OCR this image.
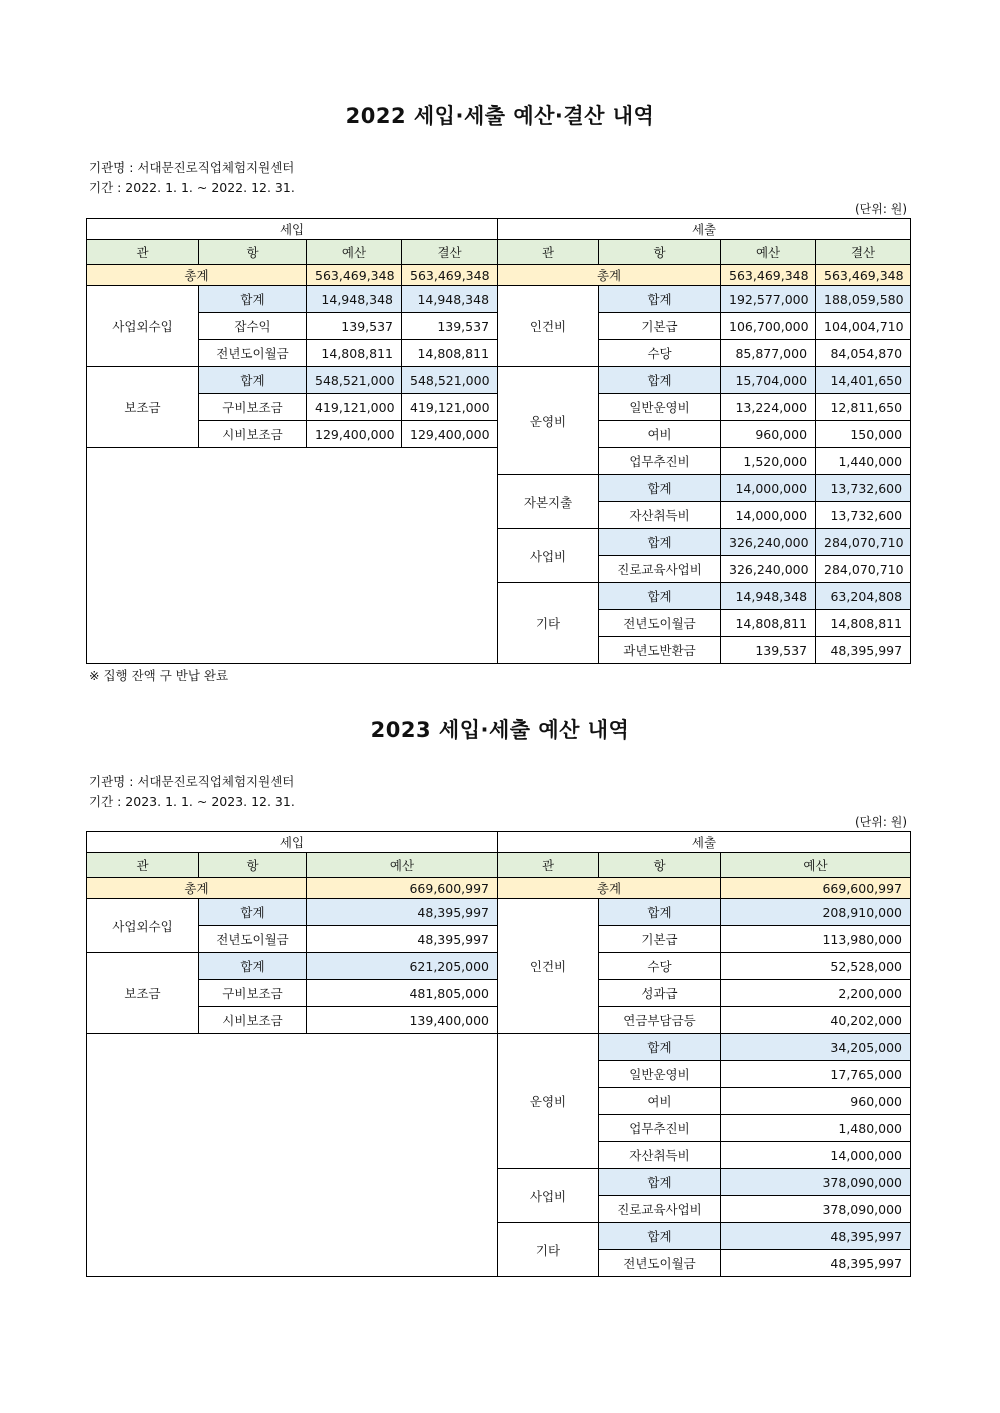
2022 세입·세출 예산·결산 내역
기관명 : 서대문진로직업체험지원센터
기간 : 2022. 1. 1. ~ 2022. 12. 31.
(단위: 원)
세입				세출			
관	항	예산	결산	관	항	예산	결산
총계		563,469,348	563,469,348	총계		563,469,348	563,469,348
사업외수입	합계	14,948,348	14,948,348	인건비	합계	192,577,000	188,059,580
	잡수익	139,537	139,537		기본급	106,700,000	104,004,710
	전년도이월금	14,808,811	14,808,811		수당	85,877,000	84,054,870
보조금	합계	548,521,000	548,521,000	운영비	합계	15,704,000	14,401,650
	구비보조금	419,121,000	419,121,000		일반운영비	13,224,000	12,811,650
	시비보조금	129,400,000	129,400,000		여비	960,000	150,000
					업무추진비	1,520,000	1,440,000
				자본지출	합계	14,000,000	13,732,600
					자산취득비	14,000,000	13,732,600
				사업비	합계	326,240,000	284,070,710
					진로교육사업비	326,240,000	284,070,710
				기타	합계	14,948,348	63,204,808
					전년도이월금	14,808,811	14,808,811
					과년도반환금	139,537	48,395,997
※ 집행 잔액 구 반납 완료
2023 세입·세출 예산 내역
기관명 : 서대문진로직업체험지원센터
기간 : 2023. 1. 1. ~ 2023. 12. 31.
(단위: 원)
세입			세출		
관	항	예산	관	항	예산
총계		669,600,997	총계		669,600,997
사업외수입	합계	48,395,997	인건비	합계	208,910,000
	전년도이월금	48,395,997		기본급	113,980,000
보조금	합계	621,205,000		수당	52,528,000
	구비보조금	481,805,000		성과급	2,200,000
	시비보조금	139,400,000		연금부담금등	40,202,000
			운영비	합계	34,205,000
				일반운영비	17,765,000
				여비	960,000
				업무추진비	1,480,000
				자산취득비	14,000,000
			사업비	합계	378,090,000
				진로교육사업비	378,090,000
			기타	합계	48,395,997
				전년도이월금	48,395,997
